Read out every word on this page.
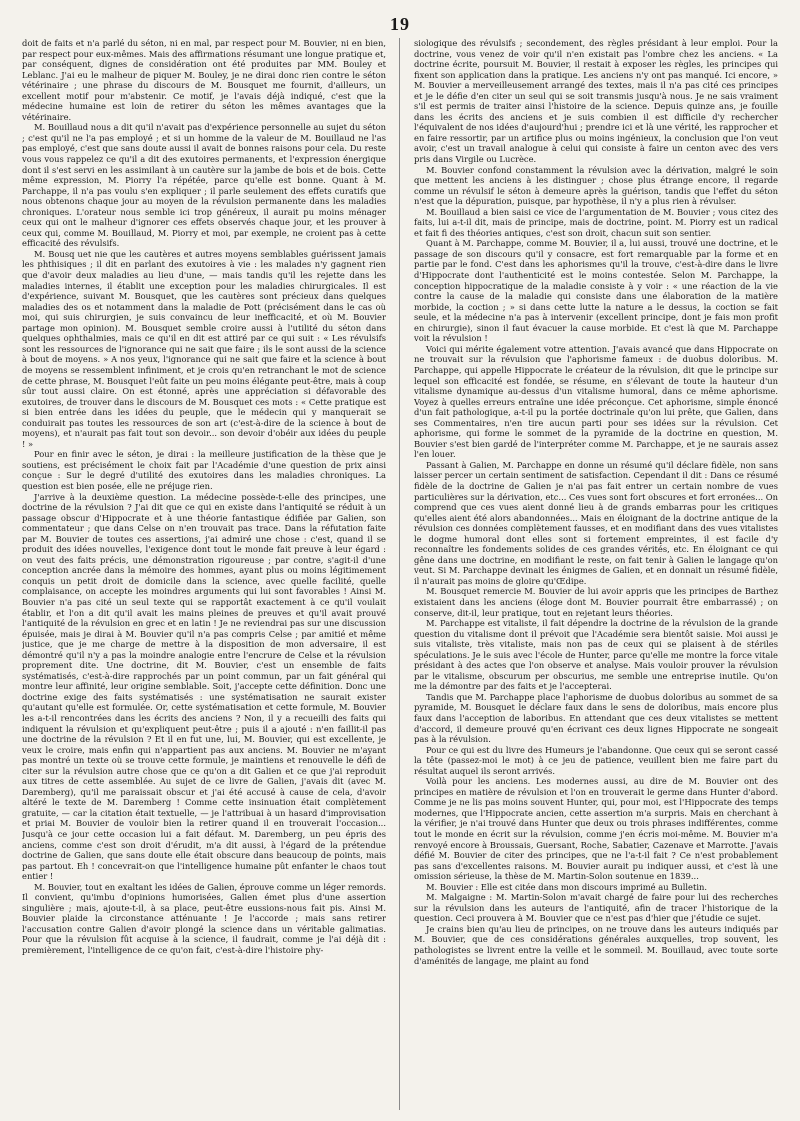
19

doit de faits et n'a parlé du séton, ni en mal, par respect pour M. Bouvier, ni en bien, par respect pour eux-mêmes. Mais des affirmations résumant une longue pratique et, par conséquent, dignes de considération ont été produites par MM. Bouley et Leblanc. J'ai eu le malheur de piquer M. Bouley, je ne dirai donc rien contre le séton vétérinaire ; une phrase du discours de M. Bousquet me fournit, d'ailleurs, un excellent motif pour m'abstenir. Ce motif, je l'avais déjà indiqué, c'est que la médecine humaine est loin de retirer du séton les mêmes avantages que la vétérinaire.

M. Bouillaud nous a dit qu'il n'avait pas d'expérience personnelle au sujet du séton ; c'est qu'il ne l'a pas employé ; et si un homme de la valeur de M. Bouillaud ne l'as pas employé, c'est que sans doute aussi il avait de bonnes raisons pour cela. Du reste vous vous rappelez ce qu'il a dit des exutoires permanents, et l'expression énergique dont il s'est servi en les assimilant à un cautère sur la jambe de bois et de bois. Cette même expression, M. Piorry l'a répétée, parce qu'elle est bonne. Quant à M. Parchappe, il n'a pas voulu s'en expliquer ; il parle seulement des effets curatifs que nous obtenons chaque jour au moyen de la révulsion permanente dans les maladies chroniques. L'orateur nous semble ici trop généreux, il aurait pu moins ménager ceux qui ont le malheur d'ignorer ces effets observés chaque jour, et les prouver à ceux qui, comme M. Bouillaud, M. Piorry et moi, par exemple, ne croient pas à cette efficacité des révulsifs.

M. Bousq uet nie que les cautères et autres moyens semblables guérissent jamais les phthisiques ; il dit en parlant des exutoires à vie : les malades n'y gagnent rien que d'avoir deux maladies au lieu d'une, — mais tandis qu'il les rejette dans les maladies internes, il établit une exception pour les maladies chirurgicales. Il est d'expérience, suivant M. Bousquet, que les cautères sont précieux dans quelques maladies des os et notamment dans la maladie de Pott (précisément dans le cas où moi, qui suis chirurgien, je suis convaincu de leur inefficacité, et où M. Bouvier partage mon opinion). M. Bousquet semble croire aussi à l'utilité du séton dans quelques ophthalmies, mais ce qu'il en dit est attiré par ce qui suit : « Les révulsifs sont les ressources de l'ignorance qui ne sait que faire ; ils le sont aussi de la science à bout de moyens. » A nos yeux, l'ignorance qui ne sait que faire et la science à bout de moyens se ressemblent infiniment, et je crois qu'en retranchant le mot de science de cette phrase, M. Bousquet l'eût faite un peu moins élégante peut-être, mais à coup sûr tout aussi claire. On est étonné, après une appréciation si défavorable des exutoires, de trouver dans le discours de M. Bousquet ces mots : « Cette pratique est si bien entrée dans les idées du peuple, que le médecin qui y manquerait se conduirait pas toutes les ressources de son art (c'est-à-dire de la science à bout de moyens), et n'aurait pas fait tout son devoir... son devoir d'obéir aux idées du peuple ! »

Pour en finir avec le séton, je dirai : la meilleure justification de la thèse que je soutiens, est précisément le choix fait par l'Académie d'une question de prix ainsi conçue : Sur le degré d'utilité des exutoires dans les maladies chroniques. La question est bien posée, elle ne préjuge rien.

J'arrive à la deuxième question. La médecine possède-t-elle des principes, une doctrine de la révulsion ? J'ai dit que ce qui en existe dans l'antiquité se réduit à un passage obscur d'Hippocrate et à une théorie fantastique édifiée par Galien, son commentateur ; que dans Celse on n'en trouvait pas trace. Dans la réfutation faite par M. Bouvier de toutes ces assertions, j'ai admiré une chose : c'est, quand il se produit des idées nouvelles, l'exigence dont tout le monde fait preuve à leur égard : on veut des faits précis, une démonstration rigoureuse ; par contre, s'agit-il d'une conception ancrée dans la mémoire des hommes, ayant plus ou moins légitimement conquis un petit droit de domicile dans la science, avec quelle facilité, quelle complaisance, on accepte les moindres arguments qui lui sont favorables ! Ainsi M. Bouvier n'a pas cité un seul texte qui se rapportât exactement à ce qu'il voulait établir, et l'on a dit qu'il avait les mains pleines de preuves et qu'il avait prouvé l'antiquité de la révulsion en grec et en latin ! Je ne reviendrai pas sur une discussion épuisée, mais je dirai à M. Bouvier qu'il n'a pas compris Celse ; par amitié et même justice, que je me charge de mettre à la disposition de mon adversaire, il est démontré qu'il n'y a pas la moindre analogie entre l'encrure de Celse et la révulsion proprement dite. Une doctrine, dit M. Bouvier, c'est un ensemble de faits systématisés, c'est-à-dire rapprochés par un point commun, par un fait général qui montre leur affinité, leur origine semblable. Soit, j'accepte cette définition. Donc une doctrine exige des faits systématisés : une systématisation ne saurait exister qu'autant qu'elle est formulée. Or, cette systématisation et cette formule, M. Bouvier les a-t-il rencontrées dans les écrits des anciens ? Non, il y a recueilli des faits qui indiquent la révulsion et qu'expliquent peut-être ; puis il a ajouté : n'en faillit-il pas une doctrine de la révulsion ? Et il en fut une, lui, M. Bouvier, qui est excellente, je veux le croire, mais enfin qui n'appartient pas aux anciens. M. Bouvier ne m'ayant pas montré un texte où se trouve cette formule, je maintiens et renouvelle le défi de citer sur la révulsion autre chose que ce qu'on a dit Galien et ce que j'ai reproduit aux titres de cette assemblée. Au sujet de ce livre de Galien, j'avais dit (avec M. Daremberg), qu'il me paraissait obscur et j'ai été accusé à cause de cela, d'avoir altéré le texte de M. Daremberg ! Comme cette insinuation était complètement gratuite, — car la citation était textuelle, — je l'attribuai à un hasard d'improvisation et priai M. Bouvier de vouloir bien la retirer quand il en trouverait l'occasion... Jusqu'à ce jour cette occasion lui a fait défaut. M. Daremberg, un peu épris des anciens, comme c'est son droit d'érudit, m'a dit aussi, à l'égard de la prétendue doctrine de Galien, que sans doute elle était obscure dans beaucoup de points, mais pas partout. Eh ! concevrait-on que l'intelligence humaine pût enfanter le chaos tout entier !

M. Bouvier, tout en exaltant les idées de Galien, éprouve comme un léger remords. Il convient, qu'imbu d'opinions humorisées, Galien émet plus d'une assertion singulière ; mais, ajoute-t-il, à sa place, peut-être eussions-nous fait pis. Ainsi M. Bouvier plaide la circonstance atténuante ! Je l'accorde ; mais sans retirer l'accusation contre Galien d'avoir plongé la science dans un véritable galimatias. Pour que la révulsion fût acquise à la science, il faudrait, comme je l'ai déjà dit : premièrement, l'intelligence de ce qu'on fait, c'est-à-dire l'histoire phy-

siologique des révulsifs ; secondement, des règles présidant à leur emploi. Pour la doctrine, vous venez de voir qu'il n'en existait pas l'ombre chez les anciens. « La doctrine écrite, poursuit M. Bouvier, il restait à exposer les règles, les principes qui fixent son application dans la pratique. Les anciens n'y ont pas manqué. Ici encore, » M. Bouvier a merveilleusement arrangé des textes, mais il n'a pas cité ces principes et je le défie d'en citer un seul qui se soit transmis jusqu'à nous. Je ne sais vraiment s'il est permis de traiter ainsi l'histoire de la science. Depuis quinze ans, je fouille dans les écrits des anciens et je suis combien il est difficile d'y rechercher l'équivalent de nos idées d'aujourd'hui ; prendre ici et là une vérité, les rapprocher et en faire ressortir, par un artifice plus ou moins ingénieux, la conclusion que l'on veut avoir, c'est un travail analogue à celui qui consiste à faire un centon avec des vers pris dans Virgile ou Lucrèce.

M. Bouvier confond constamment la révulsion avec la dérivation, malgré le soin que mettent les anciens à les distinguer ; chose plus étrange encore, il regarde comme un révulsif le séton à demeure après la guérison, tandis que l'effet du séton n'est que la dépuration, puisque, par hypothèse, il n'y a plus rien à révulser.

M. Bouillaud a bien saisi ce vice de l'argumentation de M. Bouvier ; vous citez des faits, lui a-t-il dit, mais de principe, mais de doctrine, point. M. Piorry est un radical et fait fi des théories antiques, c'est son droit, chacun suit son sentier.

Quant à M. Parchappe, comme M. Bouvier, il a, lui aussi, trouvé une doctrine, et le passage de son discours qu'il y consacre, est fort remarquable par la forme et en partie par le fond. C'est dans les aphorismes qu'il la trouve, c'est-à-dire dans le livre d'Hippocrate dont l'authenticité est le moins contestée. Selon M. Parchappe, la conception hippocratique de la maladie consiste à y voir : « une réaction de la vie contre la cause de la maladie qui consiste dans une élaboration de la matière morbide, la coction ; » si dans cette lutte la nature a le dessus, la coction se fait seule, et la médecine n'a pas à intervenir (excellent principe, dont je fais mon profit en chirurgie), sinon il faut évacuer la cause morbide. Et c'est là que M. Parchappe voit la révulsion !

Voici qui mérite également votre attention. J'avais avancé que dans Hippocrate on ne trouvait sur la révulsion que l'aphorisme fameux : de duobus doloribus. M. Parchappe, qui appelle Hippocrate le créateur de la révulsion, dit que le principe sur lequel son efficacité est fondée, se résume, en s'élevant de toute la hauteur d'un vitalisme dynamique au-dessus d'un vitalisme humoral, dans ce même aphorisme. Voyez à quelles erreurs entraîne une idée préconçue. Cet aphorisme, simple énoncé d'un fait pathologique, a-t-il pu la portée doctrinale qu'on lui prête, que Galien, dans ses Commentaires, n'en tire aucun parti pour ses idées sur la révulsion. Cet aphorisme, qui forme le sommet de la pyramide de la doctrine en question, M. Bouvier s'est bien gardé de l'interpréter comme M. Parchappe, et je ne saurais assez l'en louer.

Passant à Galien, M. Parchappe en donne un résumé qu'il déclare fidèle, non sans laisser percer un certain sentiment de satisfaction. Cependant il dit : Dans ce résumé fidèle de la doctrine de Galien je n'ai pas fait entrer un certain nombre de vues particulières sur la dérivation, etc... Ces vues sont fort obscures et fort erronées... On comprend que ces vues aient donné lieu à de grands embarras pour les critiques qu'elles aient été alors abandonnées... Mais en éloignant de la doctrine antique de la révulsion ces données complètement fausses, et en modifiant dans des vues vitalistes le dogme humoral dont elles sont si fortement empreintes, il est facile d'y reconnaître les fondements solides de ces grandes vérités, etc. En éloignant ce qui gêne dans une doctrine, en modifiant le reste, on fait tenir à Galien le langage qu'on veut. Si M. Parchappe devinait les énigmes de Galien, et en donnait un résumé fidèle, il n'aurait pas moins de gloire qu'Œdipe.

M. Bousquet remercie M. Bouvier de lui avoir appris que les principes de Barthez existaient dans les anciens (éloge dont M. Bouvier pourrait être embarrassé) ; on conserve, dit-il, leur pratique, tout en rejetant leurs théories.

M. Parchappe est vitaliste, il fait dépendre la doctrine de la révulsion de la grande question du vitalisme dont il prévoit que l'Académie sera bientôt saisie. Moi aussi je suis vitaliste, très vitaliste, mais non pas de ceux qui se plaisent à de stériles spéculations. Je le suis avec l'école de Hunter, parce qu'elle me montre la force vitale présidant à des actes que l'on observe et analyse. Mais vouloir prouver la révulsion par le vitalisme, obscurum per obscurius, me semble une entreprise inutile. Qu'on me la démontre par des faits et je l'accepterai.

Tandis que M. Parchappe place l'aphorisme de duobus doloribus au sommet de sa pyramide, M. Bousquet le déclare faux dans le sens de doloribus, mais encore plus faux dans l'acception de laboribus. En attendant que ces deux vitalistes se mettent d'accord, il demeure prouvé qu'en écrivant ces deux lignes Hippocrate ne songeait pas à la révulsion.

Pour ce qui est du livre des Humeurs je l'abandonne. Que ceux qui se seront cassé la tête (passez-moi le mot) à ce jeu de patience, veuillent bien me faire part du résultat auquel ils seront arrivés.

Voilà pour les anciens. Les modernes aussi, au dire de M. Bouvier ont des principes en matière de révulsion et l'on en trouverait le germe dans Hunter d'abord. Comme je ne lis pas moins souvent Hunter, qui, pour moi, est l'Hippocrate des temps modernes, que l'Hippocrate ancien, cette assertion m'a surpris. Mais en cherchant à la vérifier, je n'ai trouvé dans Hunter que deux ou trois phrases indifférentes, comme tout le monde en écrit sur la révulsion, comme j'en écris moi-même. M. Bouvier m'a renvoyé encore à Broussais, Guersant, Roche, Sabatier, Cazenave et Marrotte. J'avais défié M. Bouvier de citer des principes, que ne l'a-t-il fait ? Ce n'est probablement pas sans d'excellentes raisons. M. Bouvier aurait pu indiquer aussi, et c'est là une omission sérieuse, la thèse de M. Martin-Solon soutenue en 1839...

M. Bouvier : Elle est citée dans mon discours imprimé au Bulletin.

M. Malgaigne : M. Martin-Solon m'avait chargé de faire pour lui des recherches sur la révulsion dans les auteurs de l'antiquité, afin de tracer l'historique de la question. Ceci prouvera à M. Bouvier que ce n'est pas d'hier que j'étudie ce sujet.

Je crains bien qu'au lieu de principes, on ne trouve dans les auteurs indiqués par M. Bouvier, que de ces considérations générales auxquelles, trop souvent, les pathologistes se livrent entre la veille et le sommeil. M. Bouillaud, avec toute sorte d'aménités de langage, me plaint au fond
